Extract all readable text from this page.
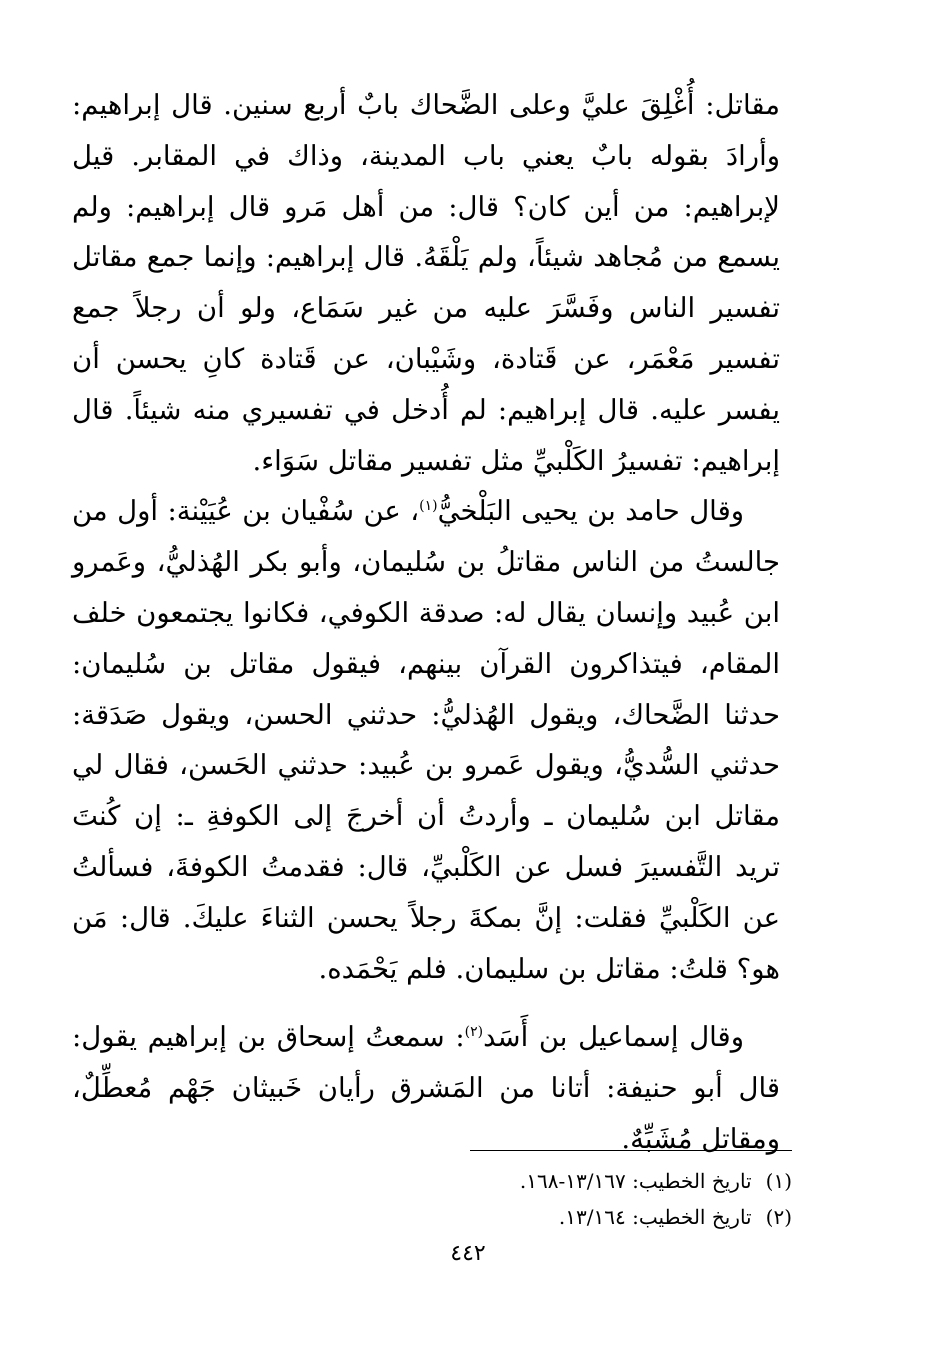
مقاتل: أُغْلِقَ عليَّ وعلى الضَّحاك بابٌ أربع سنين. قال إبراهيم: وأرادَ بقوله بابٌ يعني باب المدينة، وذاك في المقابر. قيل لإبراهيم: من أين كان؟ قال: من أهل مَرو قال إبراهيم: ولم يسمع من مُجاهد شيئاً، ولم يَلْقَهُ. قال إبراهيم: وإنما جمع مقاتل تفسير الناس وفَسَّرَ عليه من غير سَمَاع، ولو أن رجلاً جمع تفسير مَعْمَر، عن قَتادة، وشَيْبان، عن قَتادة كانِ يحسن أن يفسر عليه. قال إبراهيم: لم أُدخل في تفسيري منه شيئاً. قال إبراهيم: تفسيرُ الكَلْبيِّ مثل تفسير مقاتل سَوَاء.

وقال حامد بن يحيى البَلْخيُّ$^{(١)}$، عن سُفْيان بن عُيَيْنة: أول من جالستُ من الناس مقاتلُ بن سُليمان، وأبو بكر الهُذليُّ، وعَمرو ابن عُبيد وإنسان يقال له: صدقة الكوفي، فكانوا يجتمعون خلف المقام، فيتذاكرون القرآن بينهم، فيقول مقاتل بن سُليمان: حدثنا الضَّحاك، ويقول الهُذليُّ: حدثني الحسن، ويقول صَدَقة: حدثني السُّديُّ، ويقول عَمرو بن عُبيد: حدثني الحَسن، فقال لي مقاتل ابن سُليمان ـ وأردتُ أن أخرجَ إلى الكوفةِ ـ: إن كُنتَ تريد التَّفسيرَ فسل عن الكَلْبيِّ، قال: فقدمتُ الكوفةَ، فسألتُ عن الكَلْبيِّ فقلت: إنَّ بمكةَ رجلاً يحسن الثناءَ عليكَ. قال: مَن هو؟ قلتُ: مقاتل بن سليمان. فلم يَحْمَده.

وقال إسماعيل بن أَسَد$^{(٢)}$: سمعتُ إسحاق بن إبراهيم يقول: قال أبو حنيفة: أتانا من المَشرق رأيان خَبيثان جَهْم مُعطِّلٌ، ومقاتل مُشَبِّهٌ.

(١)
تاريخ الخطيب: ١٣/١٦٧-١٦٨.
(٢)
تاريخ الخطيب: ١٣/١٦٤.
٤٤٢
